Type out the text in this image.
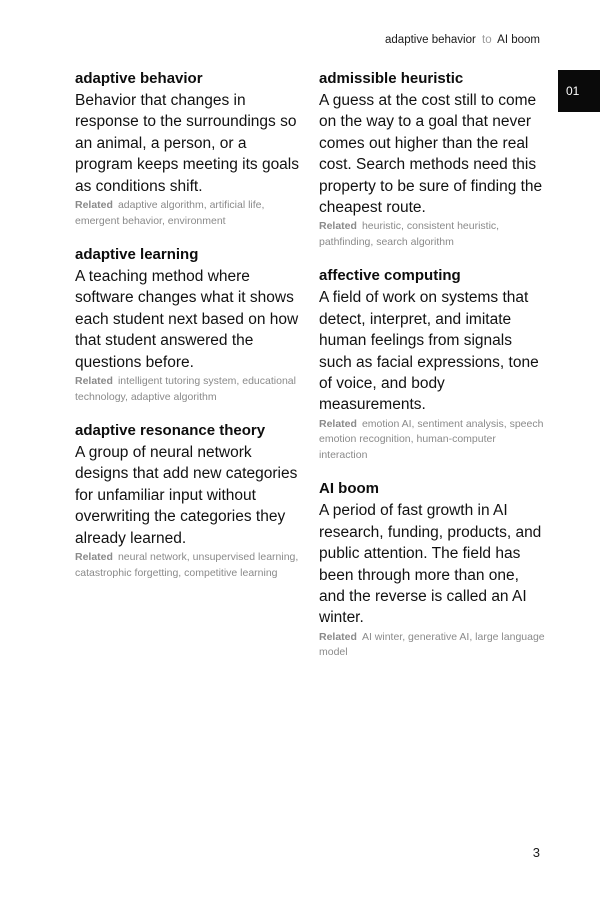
adaptive behavior to AI boom
01
adaptive behavior
Behavior that changes in response to the surroundings so an animal, a person, or a program keeps meeting its goals as conditions shift.
Related adaptive algorithm, artificial life, emergent behavior, environment
adaptive learning
A teaching method where software changes what it shows each student next based on how that student answered the questions before.
Related intelligent tutoring system, educational technology, adaptive algorithm
adaptive resonance theory
A group of neural network designs that add new categories for unfamiliar input without overwriting the categories they already learned.
Related neural network, unsupervised learning, catastrophic forgetting, competitive learning
admissible heuristic
A guess at the cost still to come on the way to a goal that never comes out higher than the real cost. Search methods need this property to be sure of finding the cheapest route.
Related heuristic, consistent heuristic, pathfinding, search algorithm
affective computing
A field of work on systems that detect, interpret, and imitate human feelings from signals such as facial expressions, tone of voice, and body measurements.
Related emotion AI, sentiment analysis, speech emotion recognition, human-computer interaction
AI boom
A period of fast growth in AI research, funding, products, and public attention. The field has been through more than one, and the reverse is called an AI winter.
Related AI winter, generative AI, large language model
3
